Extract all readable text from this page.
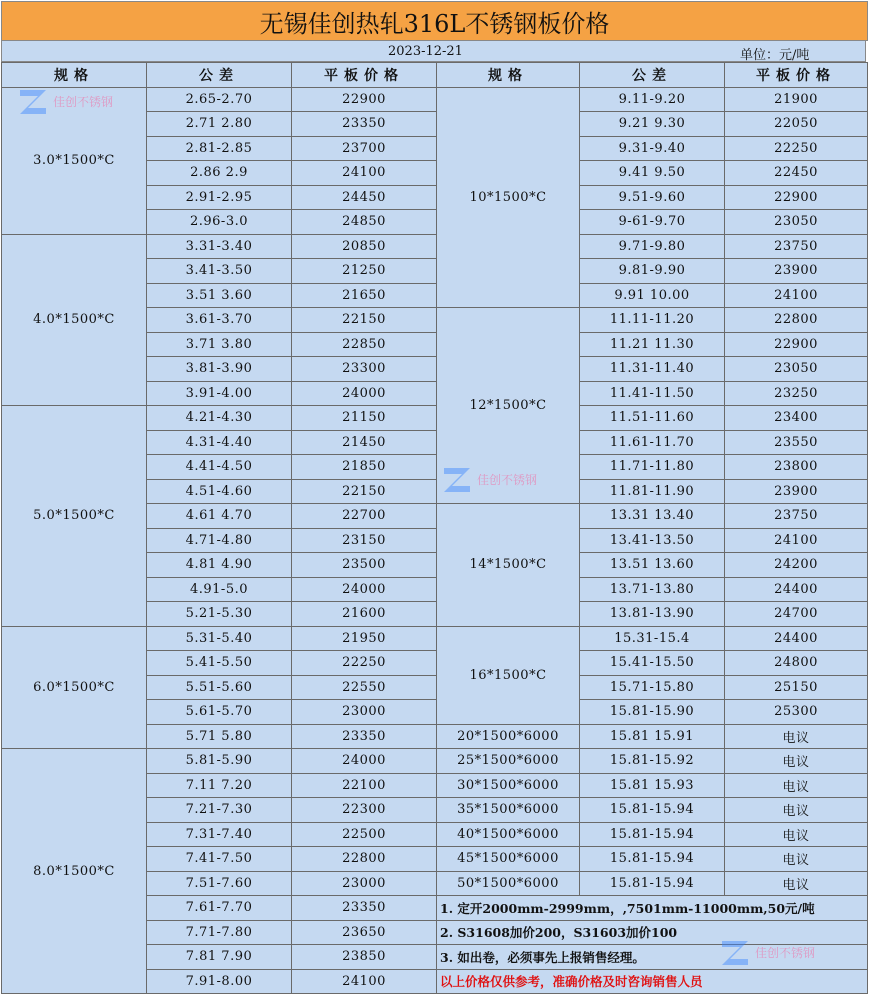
无锡佳创热轧316L不锈钢板价格
2023-12-21	单位：元/吨
规格	公差	平板价格	规格	公差	平板价格
3.0*1500*C	2.65-2.70	22900	10*1500*C	9.11-9.20	21900
	2.71 2.80	23350		9.21 9.30	22050
	2.81-2.85	23700		9.31-9.40	22250
	2.86 2.9	24100		9.41 9.50	22450
	2.91-2.95	24450		9.51-9.60	22900
	2.96-3.0	24850		9-61-9.70	23050
4.0*1500*C	3.31-3.40	20850		9.71-9.80	23750
	3.41-3.50	21250		9.81-9.90	23900
	3.51 3.60	21650		9.91 10.00	24100
	3.61-3.70	22150	12*1500*C	11.11-11.20	22800
	3.71 3.80	22850		11.21 11.30	22900
	3.81-3.90	23300		11.31-11.40	23050
	3.91-4.00	24000		11.41-11.50	23250
5.0*1500*C	4.21-4.30	21150		11.51-11.60	23400
	4.31-4.40	21450		11.61-11.70	23550
	4.41-4.50	21850		11.71-11.80	23800
	4.51-4.60	22150		11.81-11.90	23900
	4.61 4.70	22700	14*1500*C	13.31 13.40	23750
	4.71-4.80	23150		13.41-13.50	24100
	4.81 4.90	23500		13.51 13.60	24200
	4.91-5.0	24000		13.71-13.80	24400
	5.21-5.30	21600		13.81-13.90	24700
6.0*1500*C	5.31-5.40	21950	16*1500*C	15.31-15.4	24400
	5.41-5.50	22250		15.41-15.50	24800
	5.51-5.60	22550		15.71-15.80	25150
	5.61-5.70	23000		15.81-15.90	25300
	5.71 5.80	23350	20*1500*6000	15.81 15.91	电议
8.0*1500*C	5.81-5.90	24000	25*1500*6000	15.81-15.92	电议
	7.11 7.20	22100	30*1500*6000	15.81 15.93	电议
	7.21-7.30	22300	35*1500*6000	15.81-15.94	电议
	7.31-7.40	22500	40*1500*6000	15.81-15.94	电议
	7.41-7.50	22800	45*1500*6000	15.81-15.94	电议
	7.51-7.60	23000	50*1500*6000	15.81-15.94	电议
	7.61-7.70	23350	1. 定开2000mm-2999mm，,7501mm-11000mm,50元/吨		
	7.71-7.80	23650	2. S31608加价200，S31603加价100		
	7.81 7.90	23850	3. 如出卷，必须事先上报销售经理。		
	7.91-8.00	24100	以上价格仅供参考，准确价格及时咨询销售人员		
佳创不锈钢
佳创不锈钢
佳创不锈钢
